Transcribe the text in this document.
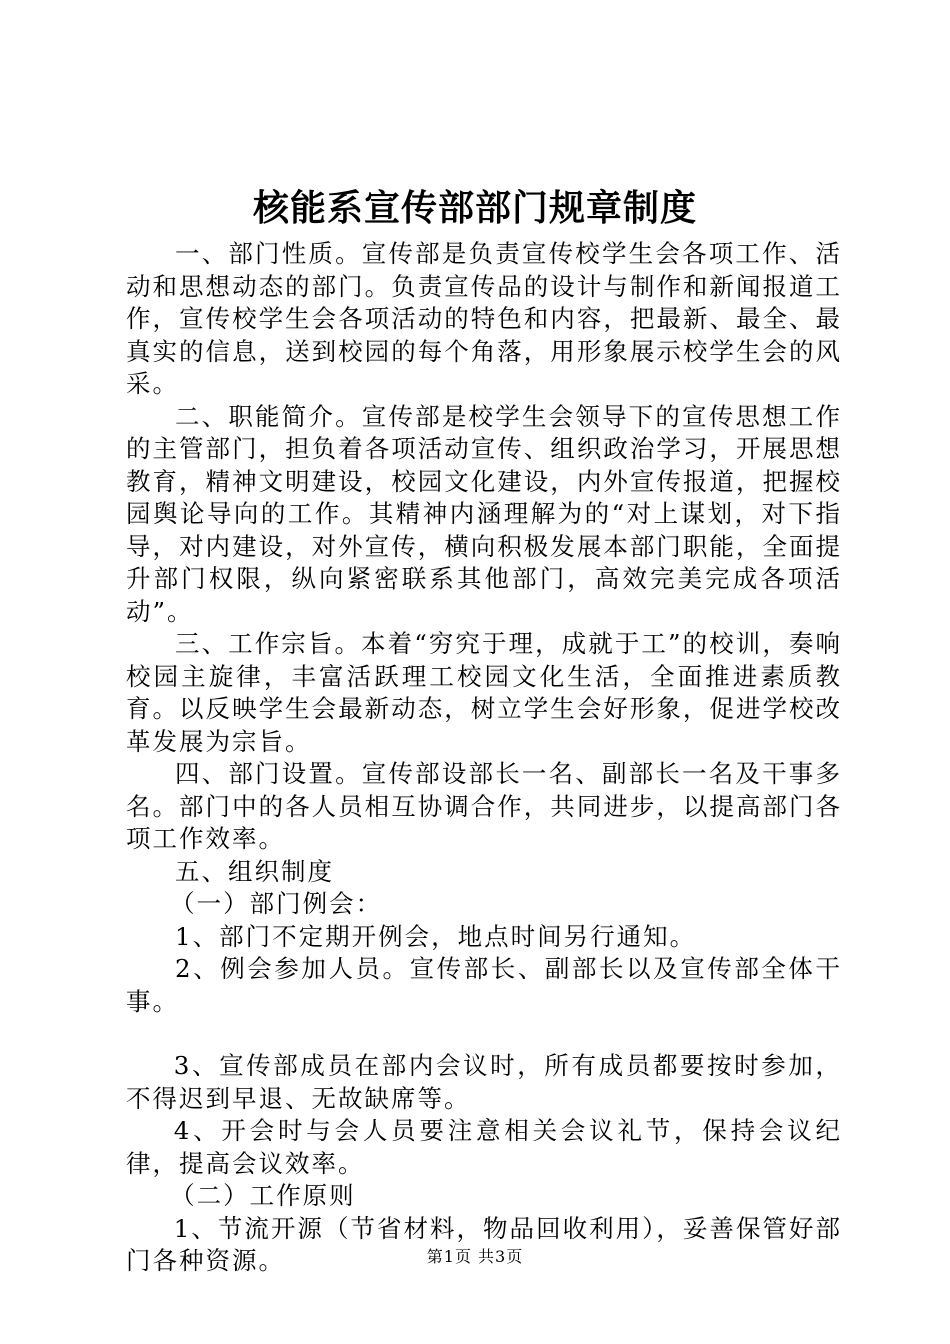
核能系宣传部部门规章制度

一、部门性质。宣传部是负责宣传校学生会各项工作、活动和思想动态的部门。负责宣传品的设计与制作和新闻报道工作，宣传校学生会各项活动的特色和内容，把最新、最全、最真实的信息，送到校园的每个角落，用形象展示校学生会的风采。

二、职能简介。宣传部是校学生会领导下的宣传思想工作的主管部门，担负着各项活动宣传、组织政治学习，开展思想教育，精神文明建设，校园文化建设，内外宣传报道，把握校园舆论导向的工作。其精神内涵理解为的“对上谋划，对下指导，对内建设，对外宣传，横向积极发展本部门职能，全面提升部门权限，纵向紧密联系其他部门，高效完美完成各项活动”。

三、工作宗旨。本着“穷究于理，成就于工”的校训，奏响校园主旋律，丰富活跃理工校园文化生活，全面推进素质教育。以反映学生会最新动态，树立学生会好形象，促进学校改革发展为宗旨。

四、部门设置。宣传部设部长一名、副部长一名及干事多名。部门中的各人员相互协调合作，共同进步，以提高部门各项工作效率。

五、组织制度

（一）部门例会：

1、部门不定期开例会，地点时间另行通知。

2、例会参加人员。宣传部长、副部长以及宣传部全体干事。

3、宣传部成员在部内会议时，所有成员都要按时参加，不得迟到早退、无故缺席等。

4、开会时与会人员要注意相关会议礼节，保持会议纪律，提高会议效率。

（二）工作原则

1、节流开源（节省材料，物品回收利用），妥善保管好部门各种资源。	第1页 共3页
